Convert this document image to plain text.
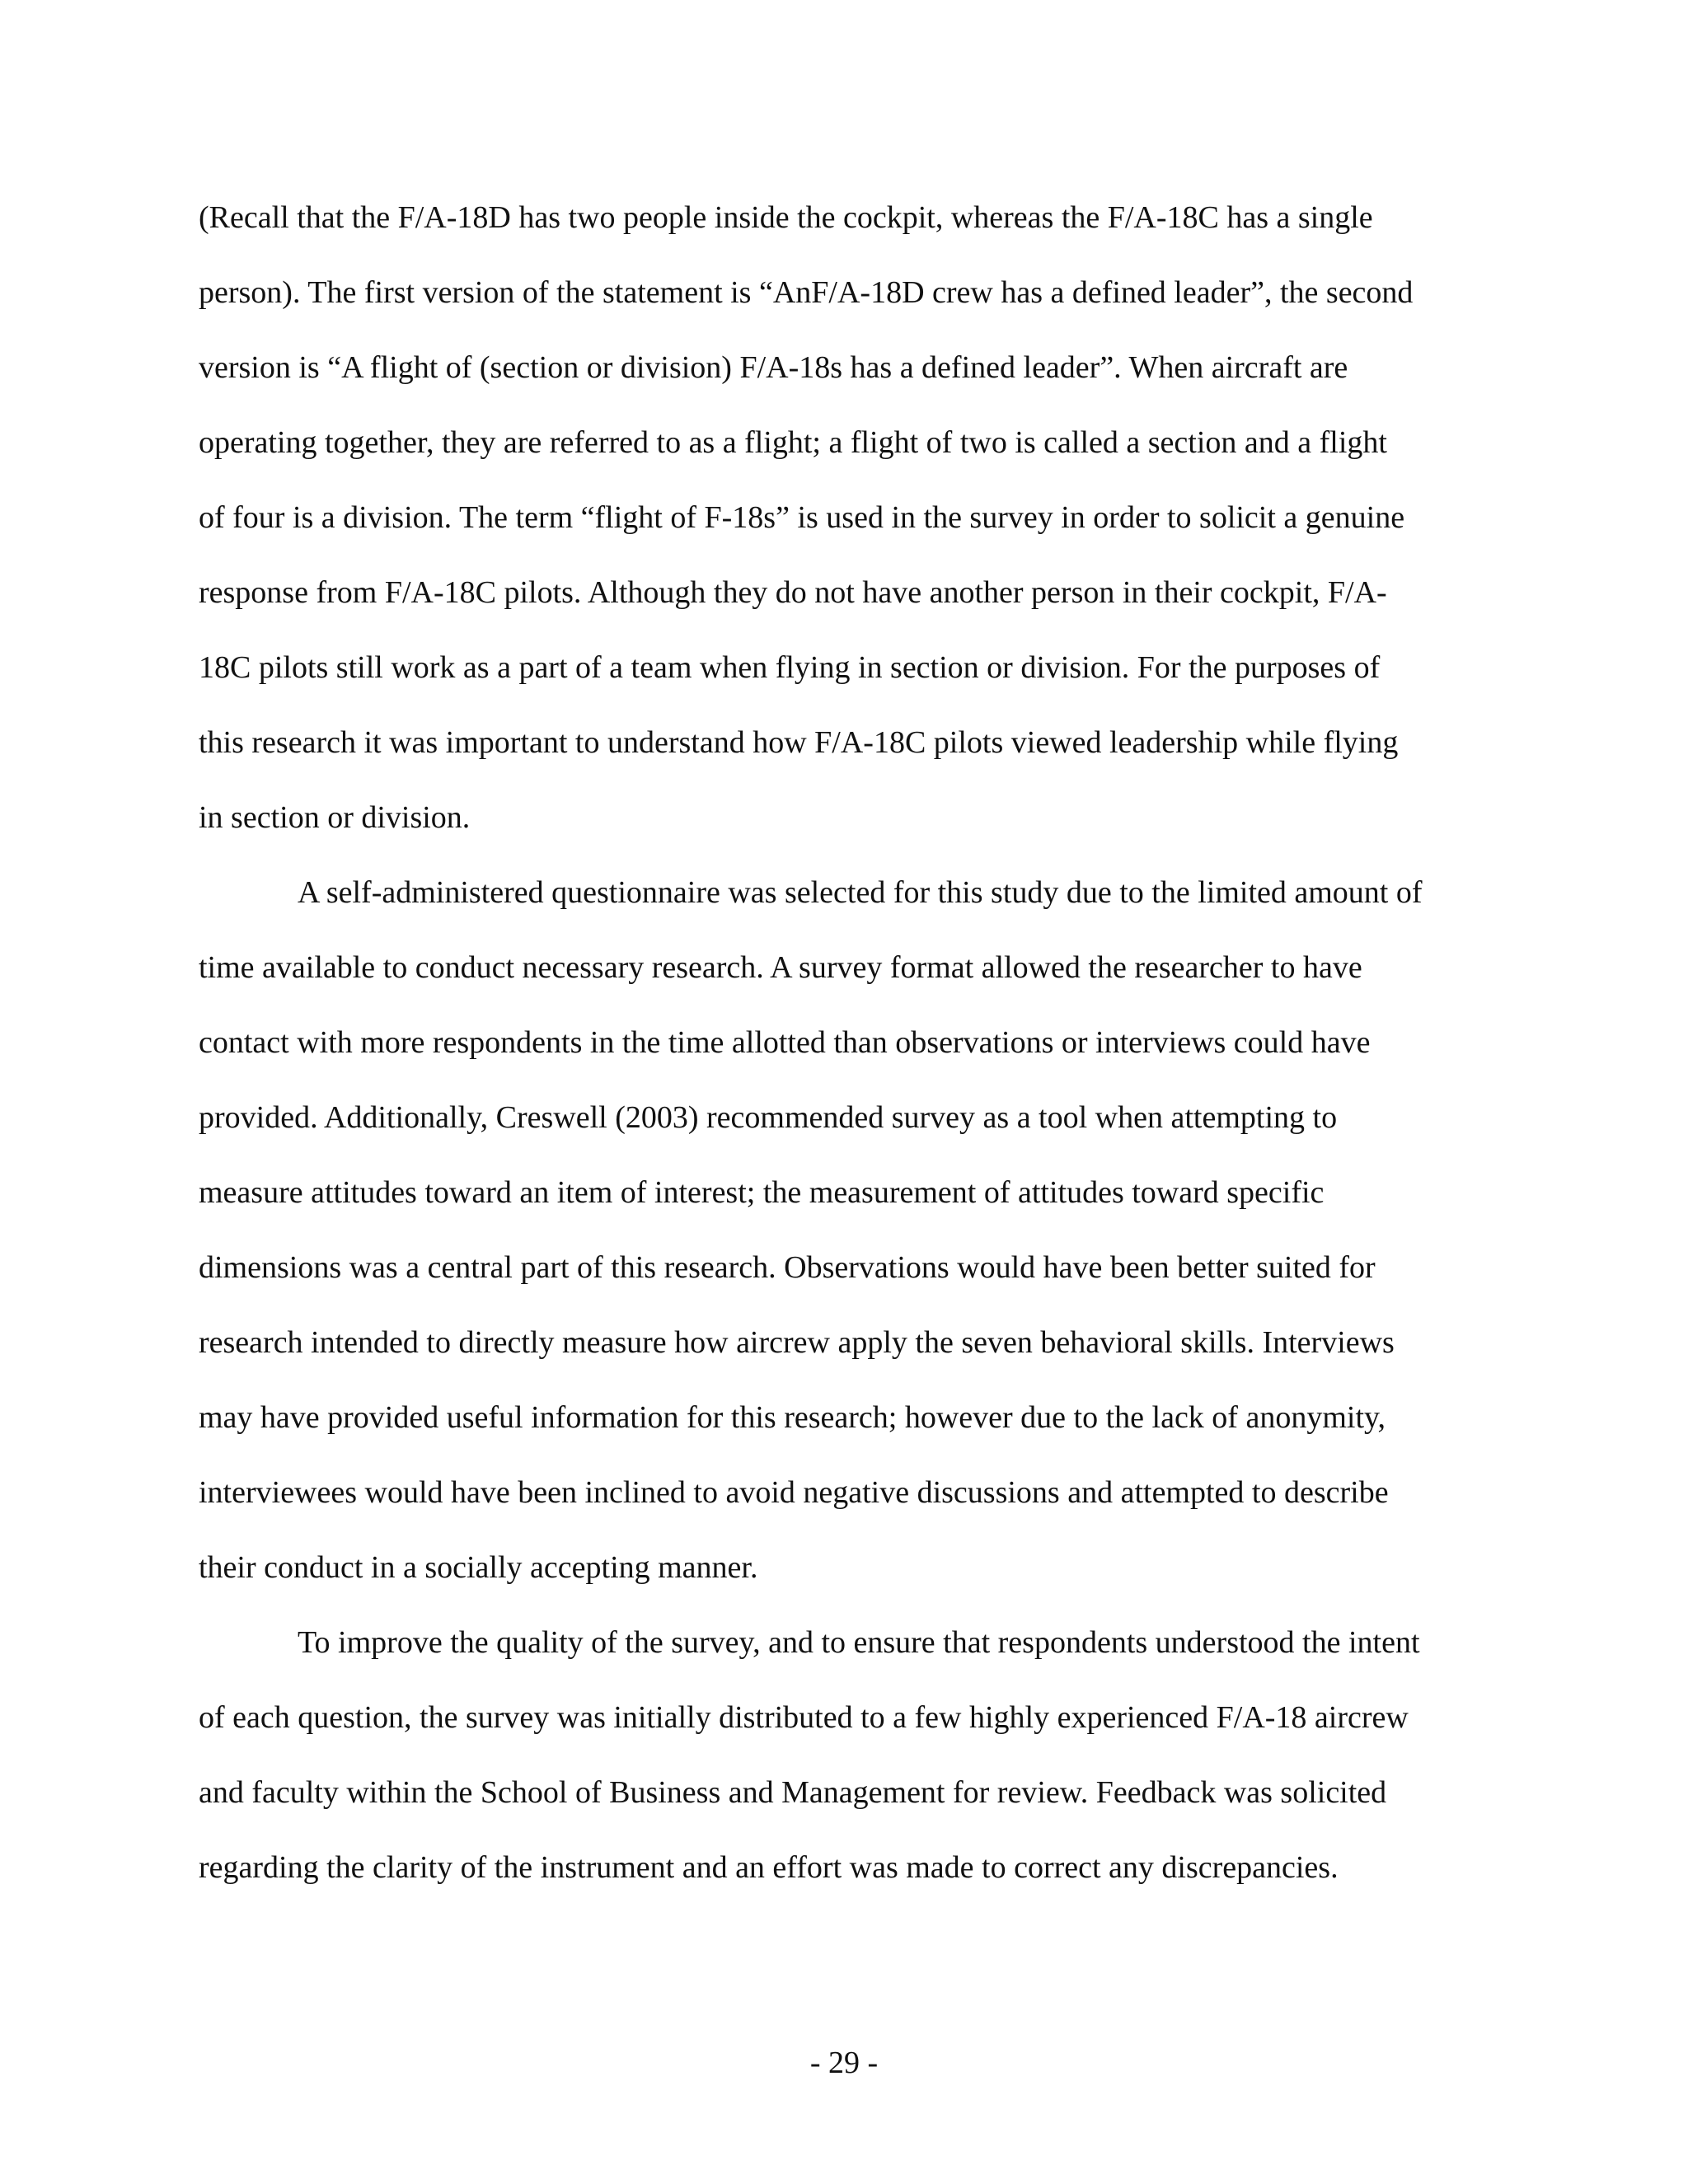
(Recall that the F/A-18D has two people inside the cockpit, whereas the F/A-18C has a single
person). The first version of the statement is “AnF/A-18D crew has a defined leader”, the second
version is “A flight of (section or division) F/A-18s has a defined leader”. When aircraft are
operating together, they are referred to as a flight; a flight of two is called a section and a flight
of four is a division. The term “flight of F-18s” is used in the survey in order to solicit a genuine
response from F/A-18C pilots. Although they do not have another person in their cockpit, F/A-
18C pilots still work as a part of a team when flying in section or division. For the purposes of
this research it was important to understand how F/A-18C pilots viewed leadership while flying
in section or division.
A self-administered questionnaire was selected for this study due to the limited amount of
time available to conduct necessary research. A survey format allowed the researcher to have
contact with more respondents in the time allotted than observations or interviews could have
provided. Additionally, Creswell (2003) recommended survey as a tool when attempting to
measure attitudes toward an item of interest; the measurement of attitudes toward specific
dimensions was a central part of this research. Observations would have been better suited for
research intended to directly measure how aircrew apply the seven behavioral skills. Interviews
may have provided useful information for this research; however due to the lack of anonymity,
interviewees would have been inclined to avoid negative discussions and attempted to describe
their conduct in a socially accepting manner.
To improve the quality of the survey, and to ensure that respondents understood the intent
of each question, the survey was initially distributed to a few highly experienced F/A-18 aircrew
and faculty within the School of Business and Management for review. Feedback was solicited
regarding the clarity of the instrument and an effort was made to correct any discrepancies.
- 29 -
